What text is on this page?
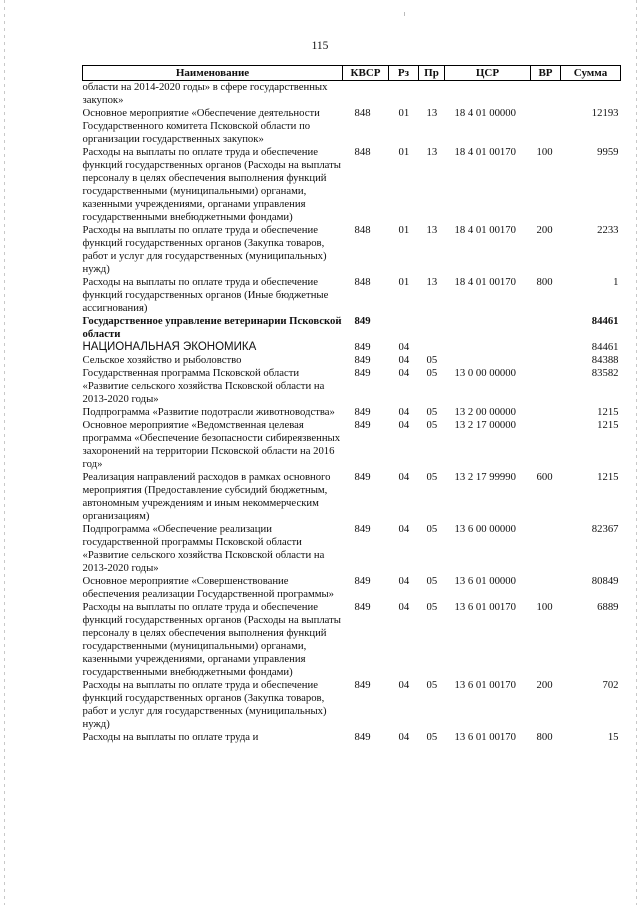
115
Наименование	КВСР	Рз	Пр	ЦСР	ВР	Сумма
области на 2014-2020 годы» в сфере государственных закупок»						
Основное мероприятие «Обеспечение деятельности Государственного комитета Псковской области по организации государственных закупок»	848	01	13	18 4 01 00000		12193
Расходы на выплаты по оплате труда и обеспечение функций государственных органов (Расходы на выплаты персоналу в целях обеспечения выполнения функций государственными (муниципальными) органами, казенными учреждениями, органами управления государственными внебюджетными фондами)	848	01	13	18 4 01 00170	100	9959
Расходы на выплаты по оплате труда и обеспечение функций государственных органов (Закупка товаров, работ и услуг для государственных (муниципальных) нужд)	848	01	13	18 4 01 00170	200	2233
Расходы на выплаты по оплате труда и обеспечение функций государственных органов (Иные бюджетные ассигнования)	848	01	13	18 4 01 00170	800	1
Государственное управление ветеринарии Псковской области	849					84461
НАЦИОНАЛЬНАЯ ЭКОНОМИКА	849	04				84461
Сельское хозяйство и рыболовство	849	04	05			84388
Государственная программа Псковской области «Развитие сельского хозяйства Псковской области на 2013-2020 годы»	849	04	05	13 0 00 00000		83582
Подпрограмма «Развитие подотрасли животноводства»	849	04	05	13 2 00 00000		1215
Основное мероприятие «Ведомственная целевая программа «Обеспечение безопасности сибиреязвенных захоронений на территории Псковской области на 2016 год»	849	04	05	13 2 17 00000		1215
Реализация направлений расходов в рамках основного мероприятия (Предоставление субсидий бюджетным, автономным учреждениям и иным некоммерческим организациям)	849	04	05	13 2 17 99990	600	1215
Подпрограмма «Обеспечение реализации государственной программы Псковской области «Развитие сельского хозяйства Псковской области на 2013-2020 годы»	849	04	05	13 6 00 00000		82367
Основное мероприятие «Совершенствование обеспечения реализации Государственной программы»	849	04	05	13 6 01 00000		80849
Расходы на выплаты по оплате труда и обеспечение функций государственных органов (Расходы на выплаты персоналу в целях обеспечения выполнения функций государственными (муниципальными) органами, казенными учреждениями, органами управления государственными внебюджетными фондами)	849	04	05	13 6 01 00170	100	6889
Расходы на выплаты по оплате труда и обеспечение функций государственных органов (Закупка товаров, работ и услуг для государственных (муниципальных) нужд)	849	04	05	13 6 01 00170	200	702
Расходы на выплаты по оплате труда и	849	04	05	13 6 01 00170	800	15
